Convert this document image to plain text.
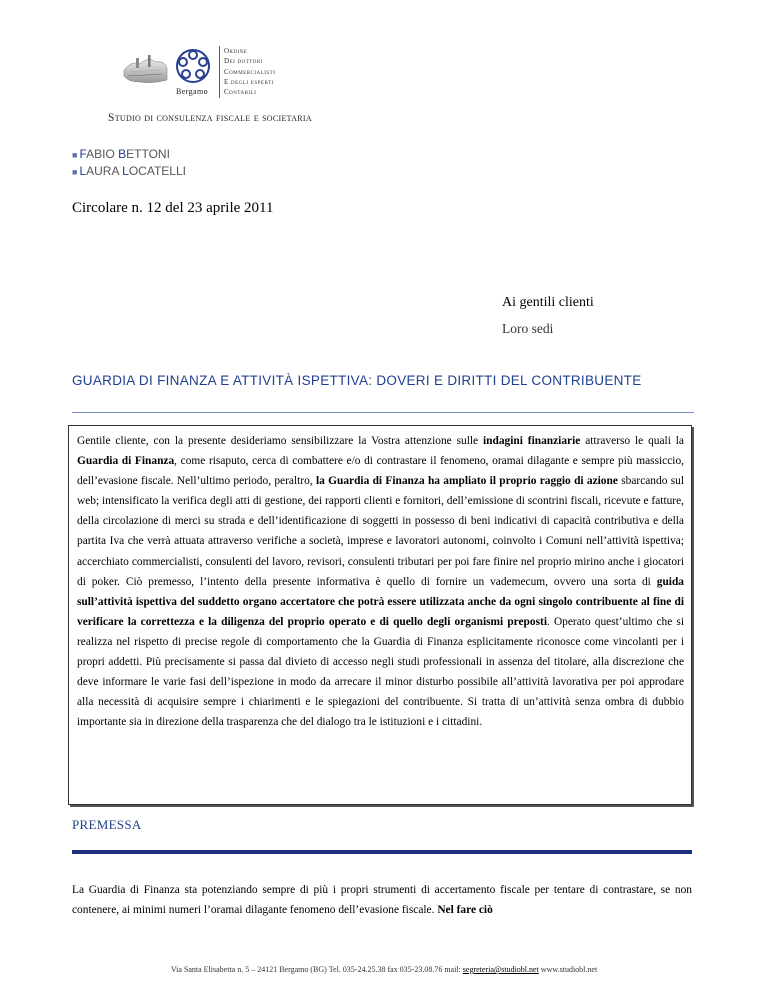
Bergamo
Ordine
Dei dottori
Commercialisti
E degli esperti
Contabili
Studio di consulenza fiscale e societaria
■ FABIO BETTONI
■ LAURA LOCATELLI
Circolare n. 12 del 23 aprile 2011
Ai gentili clienti
Loro sedi
GUARDIA DI FINANZA E ATTIVITÀ ISPETTIVA: DOVERI E DIRITTI DEL CONTRIBUENTE
Gentile cliente, con la presente desideriamo sensibilizzare la Vostra attenzione sulle indagini finanziarie attraverso le quali la Guardia di Finanza, come risaputo, cerca di combattere e/o di contrastare il fenomeno, oramai dilagante e sempre più massiccio, dell’evasione fiscale. Nell’ultimo periodo, peraltro, la Guardia di Finanza ha ampliato il proprio raggio di azione sbarcando sul web; intensificato la verifica degli atti di gestione, dei rapporti clienti e fornitori, dell’emissione di scontrini fiscali, ricevute e fatture, della circolazione di merci su strada e dell’identificazione di soggetti in possesso di beni indicativi di capacità contributiva e della partita Iva che verrà attuata attraverso verifiche a società, imprese e lavoratori autonomi, coinvolto i Comuni nell’attività ispettiva; accerchiato commercialisti, consulenti del lavoro, revisori, consulenti tributari per poi fare finire nel proprio mirino anche i giocatori di poker. Ciò premesso, l’intento della presente informativa è quello di fornire un vademecum, ovvero una sorta di guida sull’attività ispettiva del suddetto organo accertatore che potrà essere utilizzata anche da ogni singolo contribuente al fine di verificare la correttezza e la diligenza del proprio operato e di quello degli organismi preposti. Operato quest’ultimo che si realizza nel rispetto di precise regole di comportamento che la Guardia di Finanza esplicitamente riconosce come vincolanti per i propri addetti. Più precisamente si passa dal divieto di accesso negli studi professionali in assenza del titolare, alla discrezione che deve informare le varie fasi dell’ispezione in modo da arrecare il minor disturbo possibile all’attività lavorativa per poi approdare alla necessità di acquisire sempre i chiarimenti e le spiegazioni del contribuente. Si tratta di un’attività senza ombra di dubbio importante sia in direzione della trasparenza che del dialogo tra le istituzioni e i cittadini.
PREMESSA
La Guardia di Finanza sta potenziando sempre di più i propri strumenti di accertamento fiscale per tentare di contrastare, se non contenere, ai minimi numeri l’oramai dilagante fenomeno dell’evasione fiscale. Nel fare ciò
Via Santa Elisabetta n. 5 – 24121 Bergamo (BG) Tel. 035-24.25.38 fax 035-23.08.76 mail: segreteria@studiobl.net www.studiobl.net
